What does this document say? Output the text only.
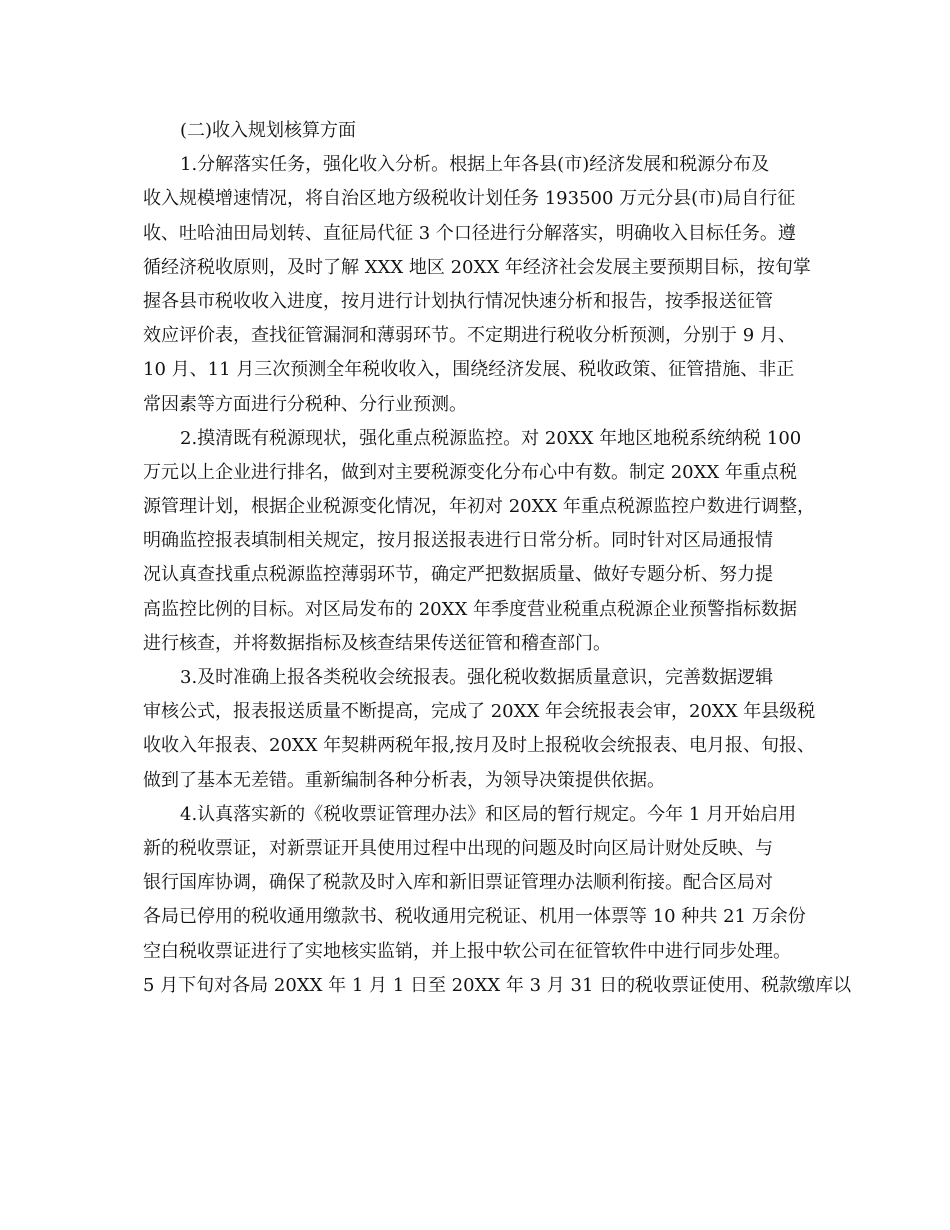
(二)收入规划核算方面
1.分解落实任务，强化收入分析。根据上年各县(市)经济发展和税源分布及
收入规模增速情况，将自治区地方级税收计划任务 193500 万元分县(市)局自行征
收、吐哈油田局划转、直征局代征 3 个口径进行分解落实，明确收入目标任务。遵
循经济税收原则，及时了解 XXX 地区 20XX 年经济社会发展主要预期目标，按旬掌
握各县市税收收入进度，按月进行计划执行情况快速分析和报告，按季报送征管
效应评价表，查找征管漏洞和薄弱环节。不定期进行税收分析预测，分别于 9 月、
10 月、11 月三次预测全年税收收入，围绕经济发展、税收政策、征管措施、非正
常因素等方面进行分税种、分行业预测。
2.摸清既有税源现状，强化重点税源监控。对 20XX 年地区地税系统纳税 100
万元以上企业进行排名，做到对主要税源变化分布心中有数。制定 20XX 年重点税
源管理计划，根据企业税源变化情况，年初对 20XX 年重点税源监控户数进行调整，
明确监控报表填制相关规定，按月报送报表进行日常分析。同时针对区局通报情
况认真查找重点税源监控薄弱环节，确定严把数据质量、做好专题分析、努力提
高监控比例的目标。对区局发布的 20XX 年季度营业税重点税源企业预警指标数据
进行核查，并将数据指标及核查结果传送征管和稽查部门。
3.及时准确上报各类税收会统报表。强化税收数据质量意识，完善数据逻辑
审核公式，报表报送质量不断提高，完成了 20XX 年会统报表会审，20XX 年县级税
收收入年报表、20XX 年契耕两税年报,按月及时上报税收会统报表、电月报、旬报、
做到了基本无差错。重新编制各种分析表，为领导决策提供依据。
4.认真落实新的《税收票证管理办法》和区局的暂行规定。今年 1 月开始启用
新的税收票证，对新票证开具使用过程中出现的问题及时向区局计财处反映、与
银行国库协调，确保了税款及时入库和新旧票证管理办法顺利衔接。配合区局对
各局已停用的税收通用缴款书、税收通用完税证、机用一体票等 10 种共 21 万余份
空白税收票证进行了实地核实监销，并上报中软公司在征管软件中进行同步处理。
5 月下旬对各局 20XX 年 1 月 1 日至 20XX 年 3 月 31 日的税收票证使用、税款缴库以
